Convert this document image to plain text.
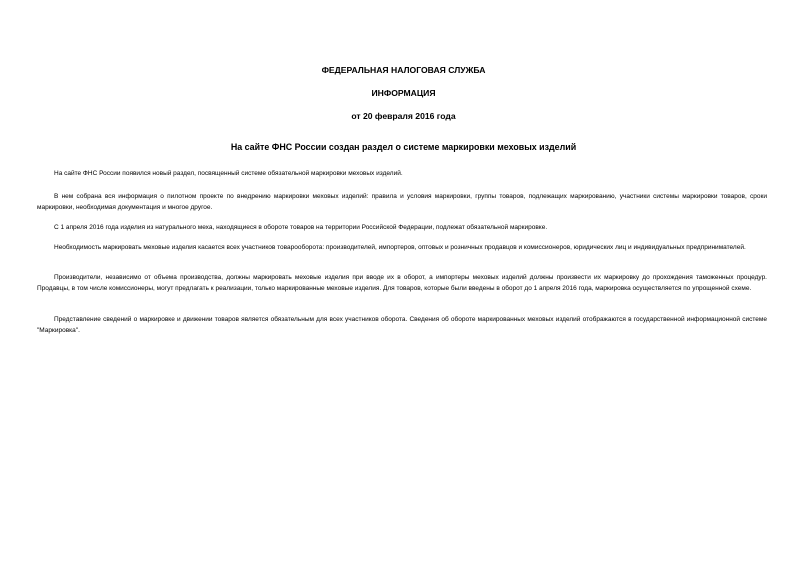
ФЕДЕРАЛЬНАЯ НАЛОГОВАЯ СЛУЖБА
ИНФОРМАЦИЯ
от 20 февраля 2016 года
На сайте ФНС России создан раздел о системе маркировки меховых изделий

На сайте ФНС России появился новый раздел, посвященный системе обязательной маркировки меховых изделий.

В нем собрана вся информация о пилотном проекте по внедрению маркировки меховых изделий: правила и условия маркировки, группы товаров, подлежащих маркированию, участники системы маркировки товаров, сроки маркировки, необходимая документация и многое другое.

С 1 апреля 2016 года изделия из натурального меха, находящиеся в обороте товаров на территории Российской Федерации, подлежат обязательной маркировке.

Необходимость маркировать меховые изделия касается всех участников товарооборота: производителей, импортеров, оптовых и розничных продавцов и комиссионеров, юридических лиц и индивидуальных предпринимателей.

Производители, независимо от объема производства, должны маркировать меховые изделия при вводе их в оборот, а импортеры меховых изделий должны произвести их маркировку до прохождения таможенных процедур. Продавцы, в том числе комиссионеры, могут предлагать к реализации, только маркированные меховые изделия. Для товаров, которые были введены в оборот до 1 апреля 2016 года, маркировка осуществляется по упрощенной схеме.

Представление сведений о маркировке и движении товаров является обязательным для всех участников оборота. Сведения об обороте маркированных меховых изделий отображаются в государственной информационной системе "Маркировка".
